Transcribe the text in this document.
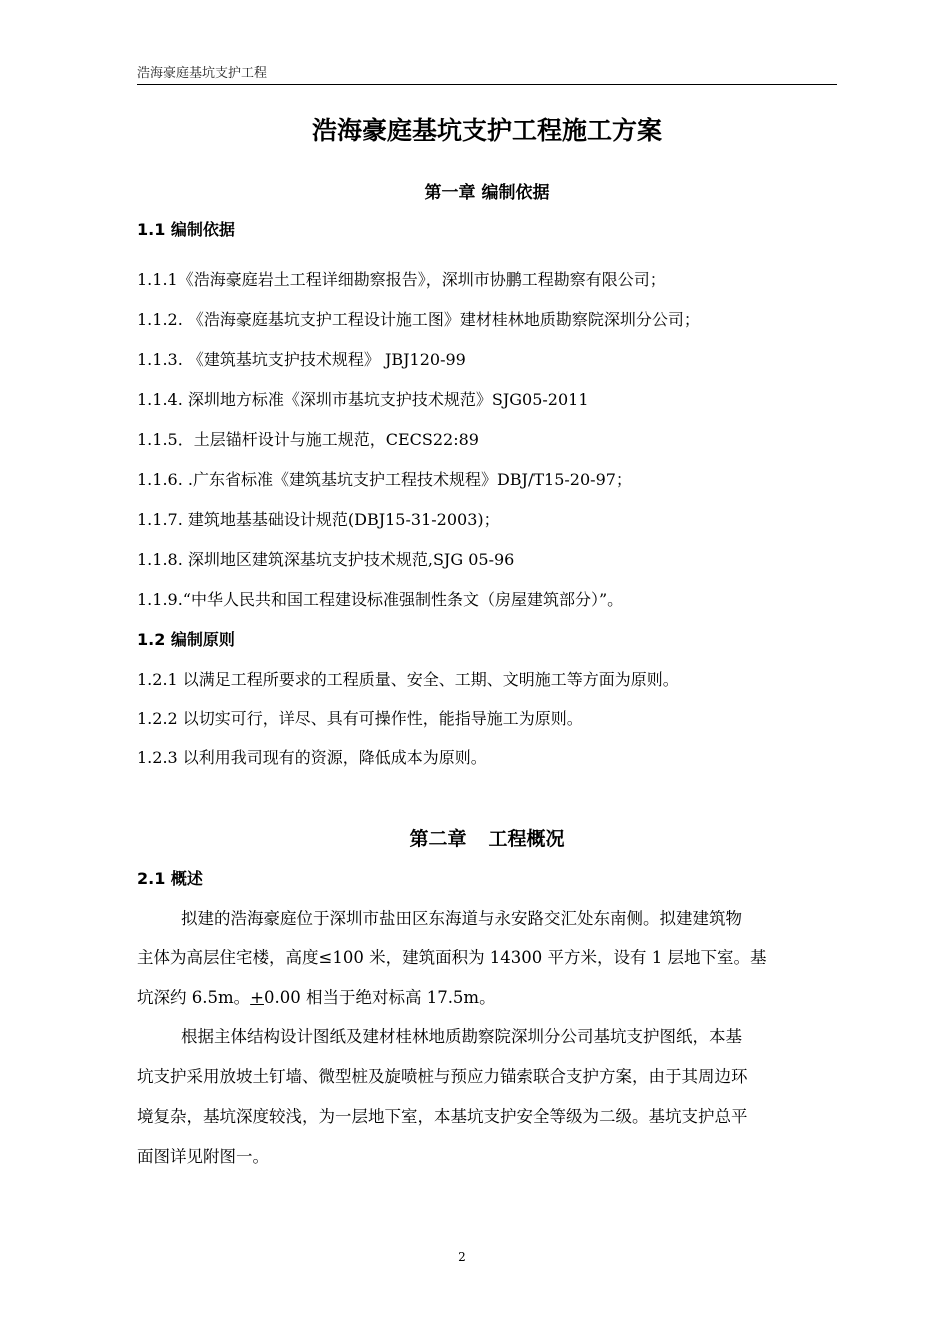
浩海豪庭基坑支护工程
浩海豪庭基坑支护工程施工方案
第一章 编制依据
1.1 编制依据
1.1.1《浩海豪庭岩土工程详细勘察报告》，深圳市协鹏工程勘察有限公司；
1.1.2. 《浩海豪庭基坑支护工程设计施工图》建材桂林地质勘察院深圳分公司；
1.1.3. 《建筑基坑支护技术规程》 JBJ120-99
1.1.4. 深圳地方标准《深圳市基坑支护技术规范》SJG05-2011
1.1.5．土层锚杆设计与施工规范，CECS22:89
1.1.6. .广东省标准《建筑基坑支护工程技术规程》DBJ/T15-20-97；
1.1.7. 建筑地基基础设计规范(DBJ15-31-2003)；
1.1.8. 深圳地区建筑深基坑支护技术规范,SJG 05-96
1.1.9.“中华人民共和国工程建设标准强制性条文（房屋建筑部分）”。
1.2 编制原则
1.2.1 以满足工程所要求的工程质量、安全、工期、文明施工等方面为原则。
1.2.2 以切实可行，详尽、具有可操作性，能指导施工为原则。
1.2.3 以利用我司现有的资源，降低成本为原则。
第二章 工程概况
2.1 概述
拟建的浩海豪庭位于深圳市盐田区东海道与永安路交汇处东南侧。拟建建筑物
主体为高层住宅楼，高度≤100 米，建筑面积为 14300 平方米，设有 1 层地下室。基
坑深约 6.5m。+0.00 相当于绝对标高 17.5m。
根据主体结构设计图纸及建材桂林地质勘察院深圳分公司基坑支护图纸，本基
坑支护采用放坡土钉墙、微型桩及旋喷桩与预应力锚索联合支护方案，由于其周边环
境复杂，基坑深度较浅，为一层地下室，本基坑支护安全等级为二级。基坑支护总平
面图详见附图一。
2
